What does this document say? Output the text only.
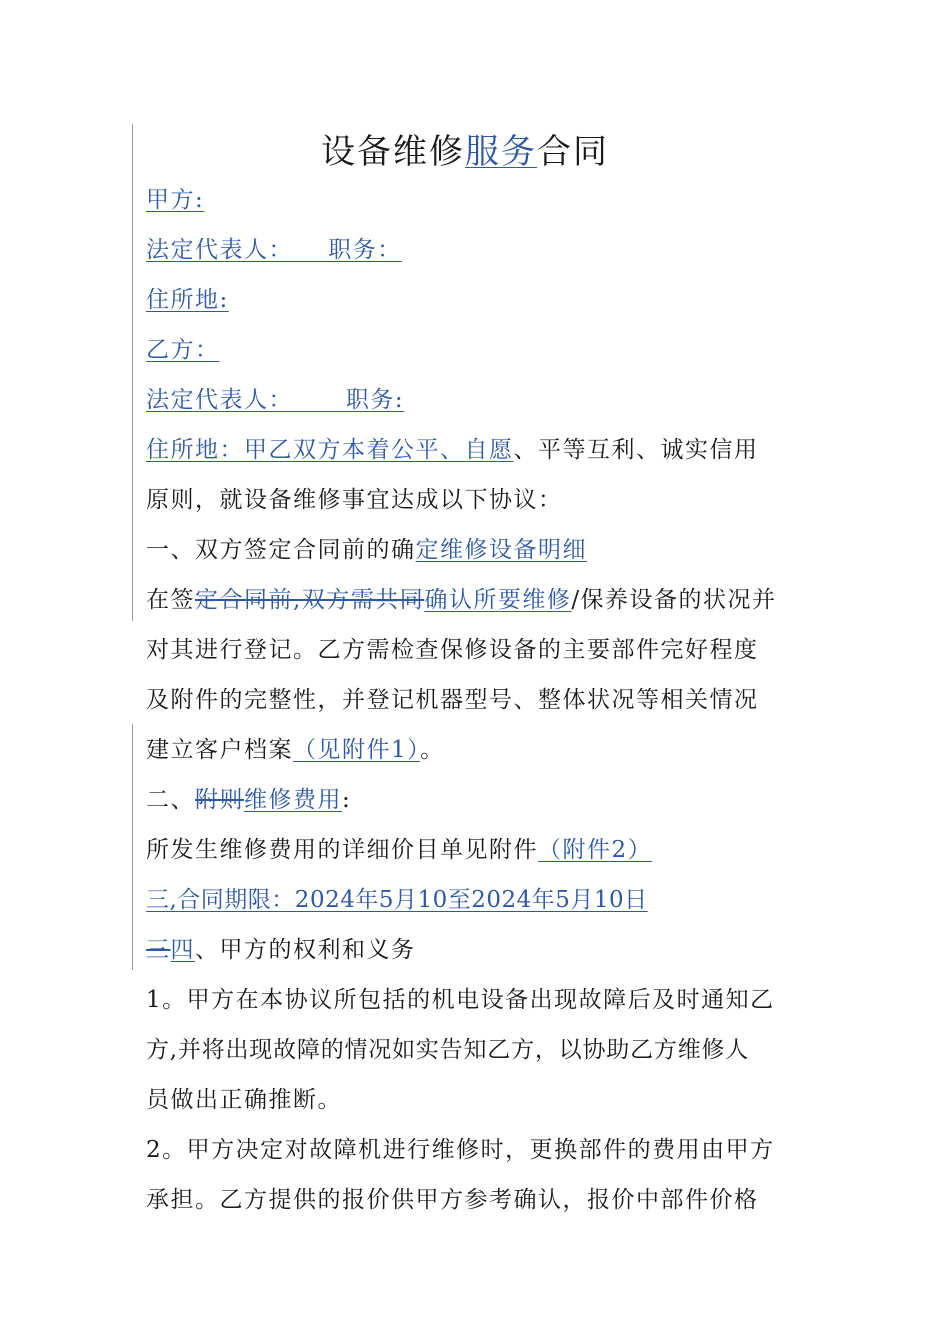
设备维修服务合同
甲方:
法定代表人：    职务：
住所地:
乙方：
法定代表人：      职务:
住所地：甲乙双方本着公平、自愿、平等互利、诚实信用
原则，就设备维修事宜达成以下协议：
一、双方签定合同前的确定维修设备明细
在签定合同前,双方需共同确认所要维修/保养设备的状况并
对其进行登记。乙方需检查保修设备的主要部件完好程度
及附件的完整性，并登记机器型号、整体状况等相关情况
建立客户档案（见附件1）。
二、附则维修费用:
所发生维修费用的详细价目单见附件（附件2）
三,合同期限：2024年5月10至2024年5月10日
三四、甲方的权利和义务
1。甲方在本协议所包括的机电设备出现故障后及时通知乙
方,并将出现故障的情况如实告知乙方，以协助乙方维修人
员做出正确推断。
2。甲方决定对故障机进行维修时，更换部件的费用由甲方
承担。乙方提供的报价供甲方参考确认，报价中部件价格
